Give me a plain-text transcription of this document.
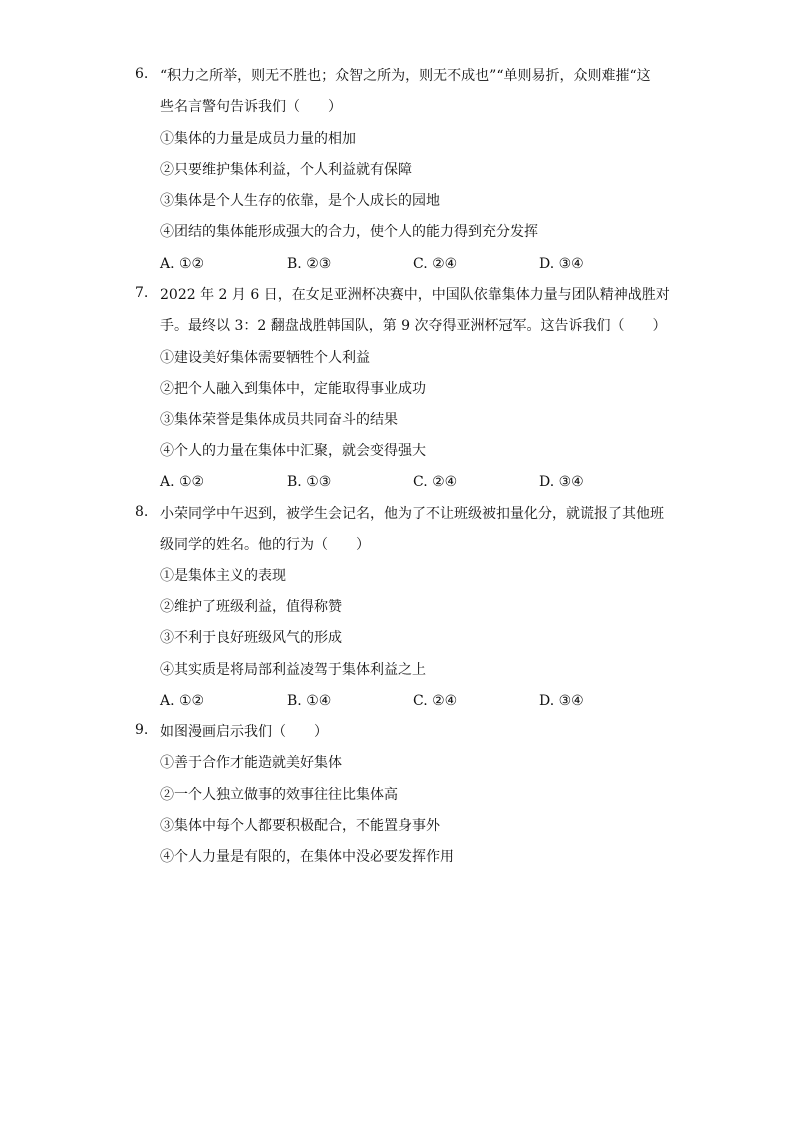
6. “积力之所举，则无不胜也；众智之所为，则无不成也”“单则易折，众则难摧“这
些名言警句告诉我们（　　）
①集体的力量是成员力量的相加
②只要维护集体利益，个人利益就有保障
③集体是个人生存的依靠，是个人成长的园地
④团结的集体能形成强大的合力，使个人的能力得到充分发挥
A. ①②	B. ②③	C. ②④	D. ③④
7. 2022 年 2 月 6 日，在女足亚洲杯决赛中，中国队依靠集体力量与团队精神战胜对
手。最终以 3：2 翻盘战胜韩国队，第 9 次夺得亚洲杯冠军。这告诉我们（　　）
①建设美好集体需要牺牲个人利益
②把个人融入到集体中，定能取得事业成功
③集体荣誉是集体成员共同奋斗的结果
④个人的力量在集体中汇聚，就会变得强大
A. ①②	B. ①③	C. ②④	D. ③④
8. 小荣同学中午迟到，被学生会记名，他为了不让班级被扣量化分，就谎报了其他班
级同学的姓名。他的行为（　　）
①是集体主义的表现
②维护了班级利益，值得称赞
③不利于良好班级风气的形成
④其实质是将局部利益凌驾于集体利益之上
A. ①②	B. ①④	C. ②④	D. ③④
9. 如图漫画启示我们（　　）
①善于合作才能造就美好集体
②一个人独立做事的效事往往比集体高
③集体中每个人都要积极配合，不能置身事外
④个人力量是有限的，在集体中没必要发挥作用
